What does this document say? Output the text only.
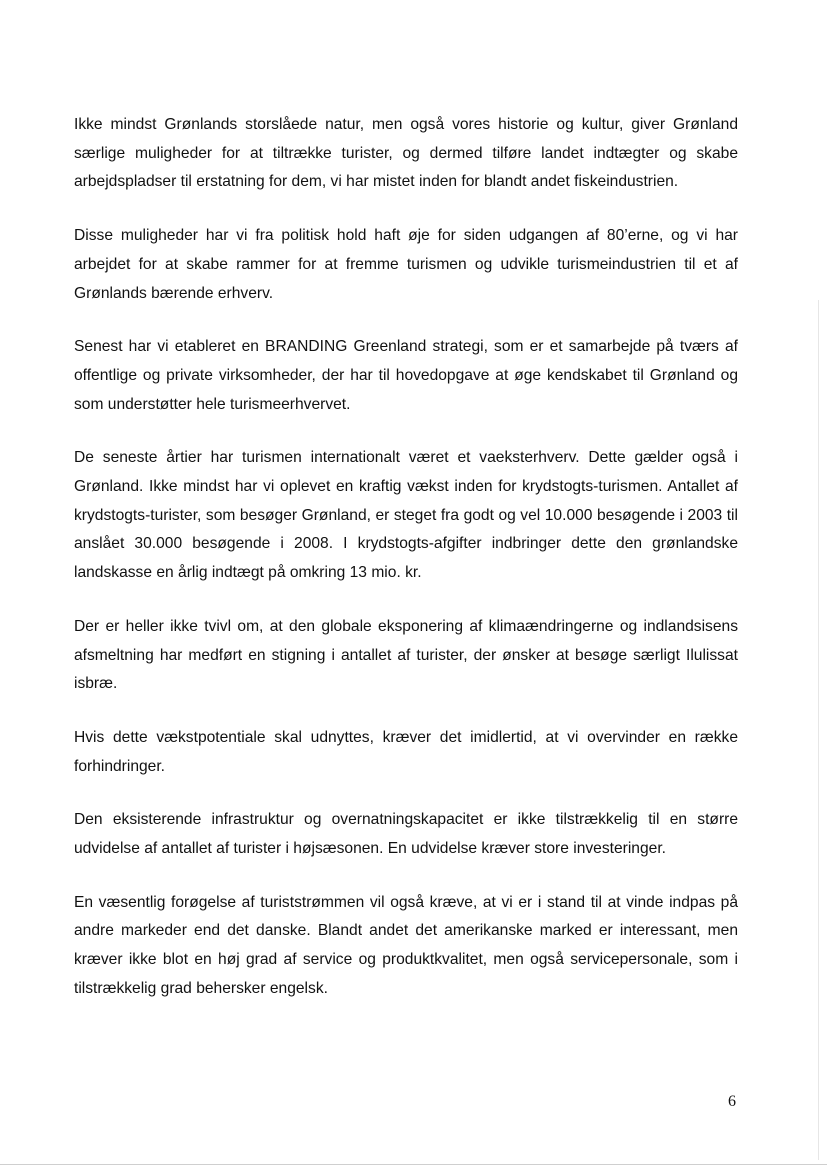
Ikke mindst Grønlands storslåede natur, men også vores historie og kultur, giver Grønland særlige muligheder for at tiltrække turister, og dermed tilføre landet indtægter og skabe arbejdspladser til erstatning for dem, vi har mistet inden for blandt andet fiskeindustrien.

Disse muligheder har vi fra politisk hold haft øje for siden udgangen af 80’erne, og vi har arbejdet for at skabe rammer for at fremme turismen og udvikle turismeindustrien til et af Grønlands bærende erhverv.

Senest har vi etableret en BRANDING Greenland strategi, som er et samarbejde på tværs af offentlige og private virksomheder, der har til hovedopgave at øge kendskabet til Grønland og som understøtter hele turismeerhvervet.

De seneste årtier har turismen internationalt været et vaeksterhverv. Dette gælder også i Grønland. Ikke mindst har vi oplevet en kraftig vækst inden for krydstogts-turismen. Antallet af krydstogts-turister, som besøger Grønland, er steget fra godt og vel 10.000 besøgende i 2003 til anslået 30.000 besøgende i 2008. I krydstogts-afgifter indbringer dette den grønlandske landskasse en årlig indtægt på omkring 13 mio. kr.

Der er heller ikke tvivl om, at den globale eksponering af klimaændringerne og indlandsisens afsmeltning har medført en stigning i antallet af turister, der ønsker at besøge særligt Ilulissat isbræ.

Hvis dette vækstpotentiale skal udnyttes, kræver det imidlertid, at vi overvinder en række forhindringer.

Den eksisterende infrastruktur og overnatningskapacitet er ikke tilstrækkelig til en større udvidelse af antallet af turister i højsæsonen. En udvidelse kræver store investeringer.

En væsentlig forøgelse af turiststrømmen vil også kræve, at vi er i stand til at vinde indpas på andre markeder end det danske. Blandt andet det amerikanske marked er interessant, men kræver ikke blot en høj grad af service og produktkvalitet, men også servicepersonale, som i tilstrækkelig grad behersker engelsk.

6
